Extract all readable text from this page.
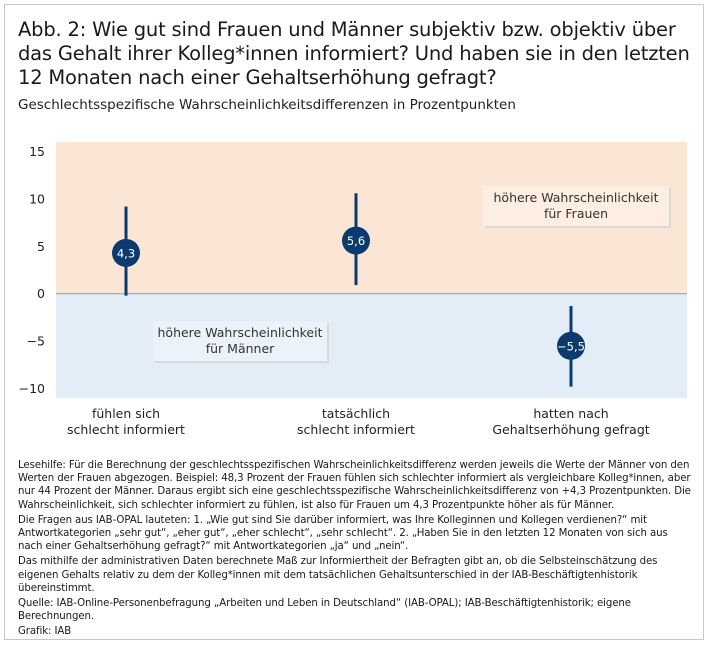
Abb. 2: Wie gut sind Frauen und Männer subjektiv bzw. objektiv über das Gehalt ihrer Kolleg*innen informiert? Und haben sie in den letzten 12 Monaten nach einer Gehaltserhöhung gefragt?
Geschlechtsspezifische Wahrscheinlichkeitsdifferenzen in Prozentpunkten
15
10
5
0
−5
−10
höhere Wahrscheinlichkeit
für Frauen
höhere Wahrscheinlichkeit
für Männer
4,3
5,6
−5,5
fühlen sich
schlecht informiert
tatsächlich
schlecht informiert
hatten nach
Gehaltserhöhung gefragt

Lesehilfe: Für die Berechnung der geschlechtsspezifischen Wahrscheinlichkeitsdifferenz werden jeweils die Werte der Männer von den Werten der Frauen abgezogen. Beispiel: 48,3 Prozent der Frauen fühlen sich schlechter informiert als vergleichbare Kolleg*innen, aber nur 44 Prozent der Männer. Daraus ergibt sich eine geschlechtsspezifische Wahrscheinlichkeitsdifferenz von +4,3 Prozentpunkten. Die Wahrscheinlichkeit, sich schlechter informiert zu fühlen, ist also für Frauen um 4,3 Prozentpunkte höher als für Männer.

Die Fragen aus IAB-OPAL lauteten: 1. „Wie gut sind Sie darüber informiert, was Ihre Kolleginnen und Kollegen verdienen?“ mit Antwortkategorien „sehr gut“, „eher gut“, „eher schlecht“, „sehr schlecht“. 2. „Haben Sie in den letzten 12 Monaten von sich aus nach einer Gehaltserhöhung gefragt?“ mit Antwortkategorien „ja“ und „nein“.

Das mithilfe der administrativen Daten berechnete Maß zur Informiertheit der Befragten gibt an, ob die Selbsteinschätzung des eigenen Gehalts relativ zu dem der Kolleg*innen mit dem tatsächlichen Gehaltsunterschied in der IAB-Beschäftigtenhistorik übereinstimmt.

Quelle: IAB-Online-Personenbefragung „Arbeiten und Leben in Deutschland“ (IAB-OPAL); IAB-Beschäftigtenhistorik; eigene Berechnungen.

Grafik: IAB
